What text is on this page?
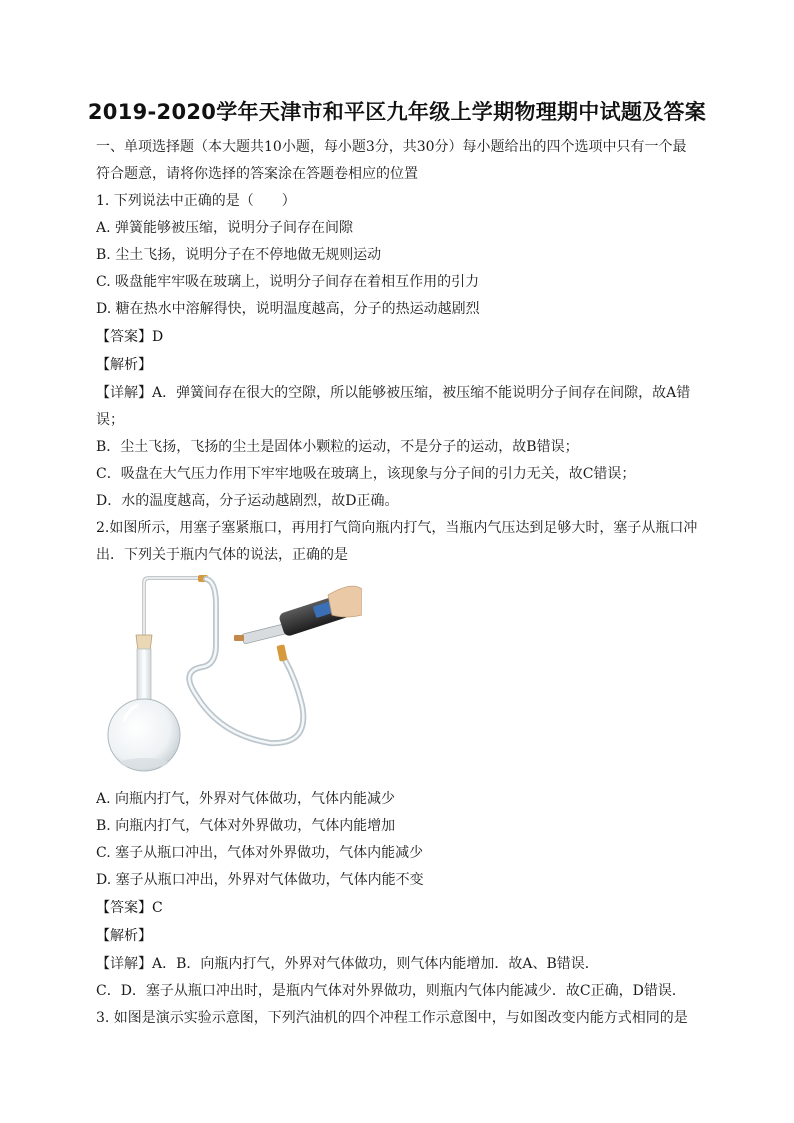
2019-2020学年天津市和平区九年级上学期物理期中试题及答案
一、单项选择题（本大题共10小题，每小题3分，共30分）每小题给出的四个选项中只有一个最
符合题意，请将你选择的答案涂在答题卷相应的位置
1. 下列说法中正确的是（　　）
A. 弹簧能够被压缩，说明分子间存在间隙
B. 尘土飞扬，说明分子在不停地做无规则运动
C. 吸盘能牢牢吸在玻璃上，说明分子间存在着相互作用的引力
D. 糖在热水中溶解得快，说明温度越高，分子的热运动越剧烈
【答案】D
【解析】
【详解】A．弹簧间存在很大的空隙，所以能够被压缩，被压缩不能说明分子间存在间隙，故A错
误；
B．尘土飞扬，飞扬的尘土是固体小颗粒的运动，不是分子的运动，故B错误；
C．吸盘在大气压力作用下牢牢地吸在玻璃上，该现象与分子间的引力无关，故C错误；
D．水的温度越高，分子运动越剧烈，故D正确。
2.如图所示，用塞子塞紧瓶口，再用打气筒向瓶内打气，当瓶内气压达到足够大时，塞子从瓶口冲
出．下列关于瓶内气体的说法，正确的是
A. 向瓶内打气，外界对气体做功，气体内能减少
B. 向瓶内打气，气体对外界做功，气体内能增加
C. 塞子从瓶口冲出，气体对外界做功，气体内能减少
D. 塞子从瓶口冲出，外界对气体做功，气体内能不变
【答案】C
【解析】
【详解】A．B．向瓶内打气，外界对气体做功，则气体内能增加．故A、B错误．
C．D．塞子从瓶口冲出时，是瓶内气体对外界做功，则瓶内气体内能减少．故C正确，D错误．
3. 如图是演示实验示意图，下列汽油机的四个冲程工作示意图中，与如图改变内能方式相同的是
